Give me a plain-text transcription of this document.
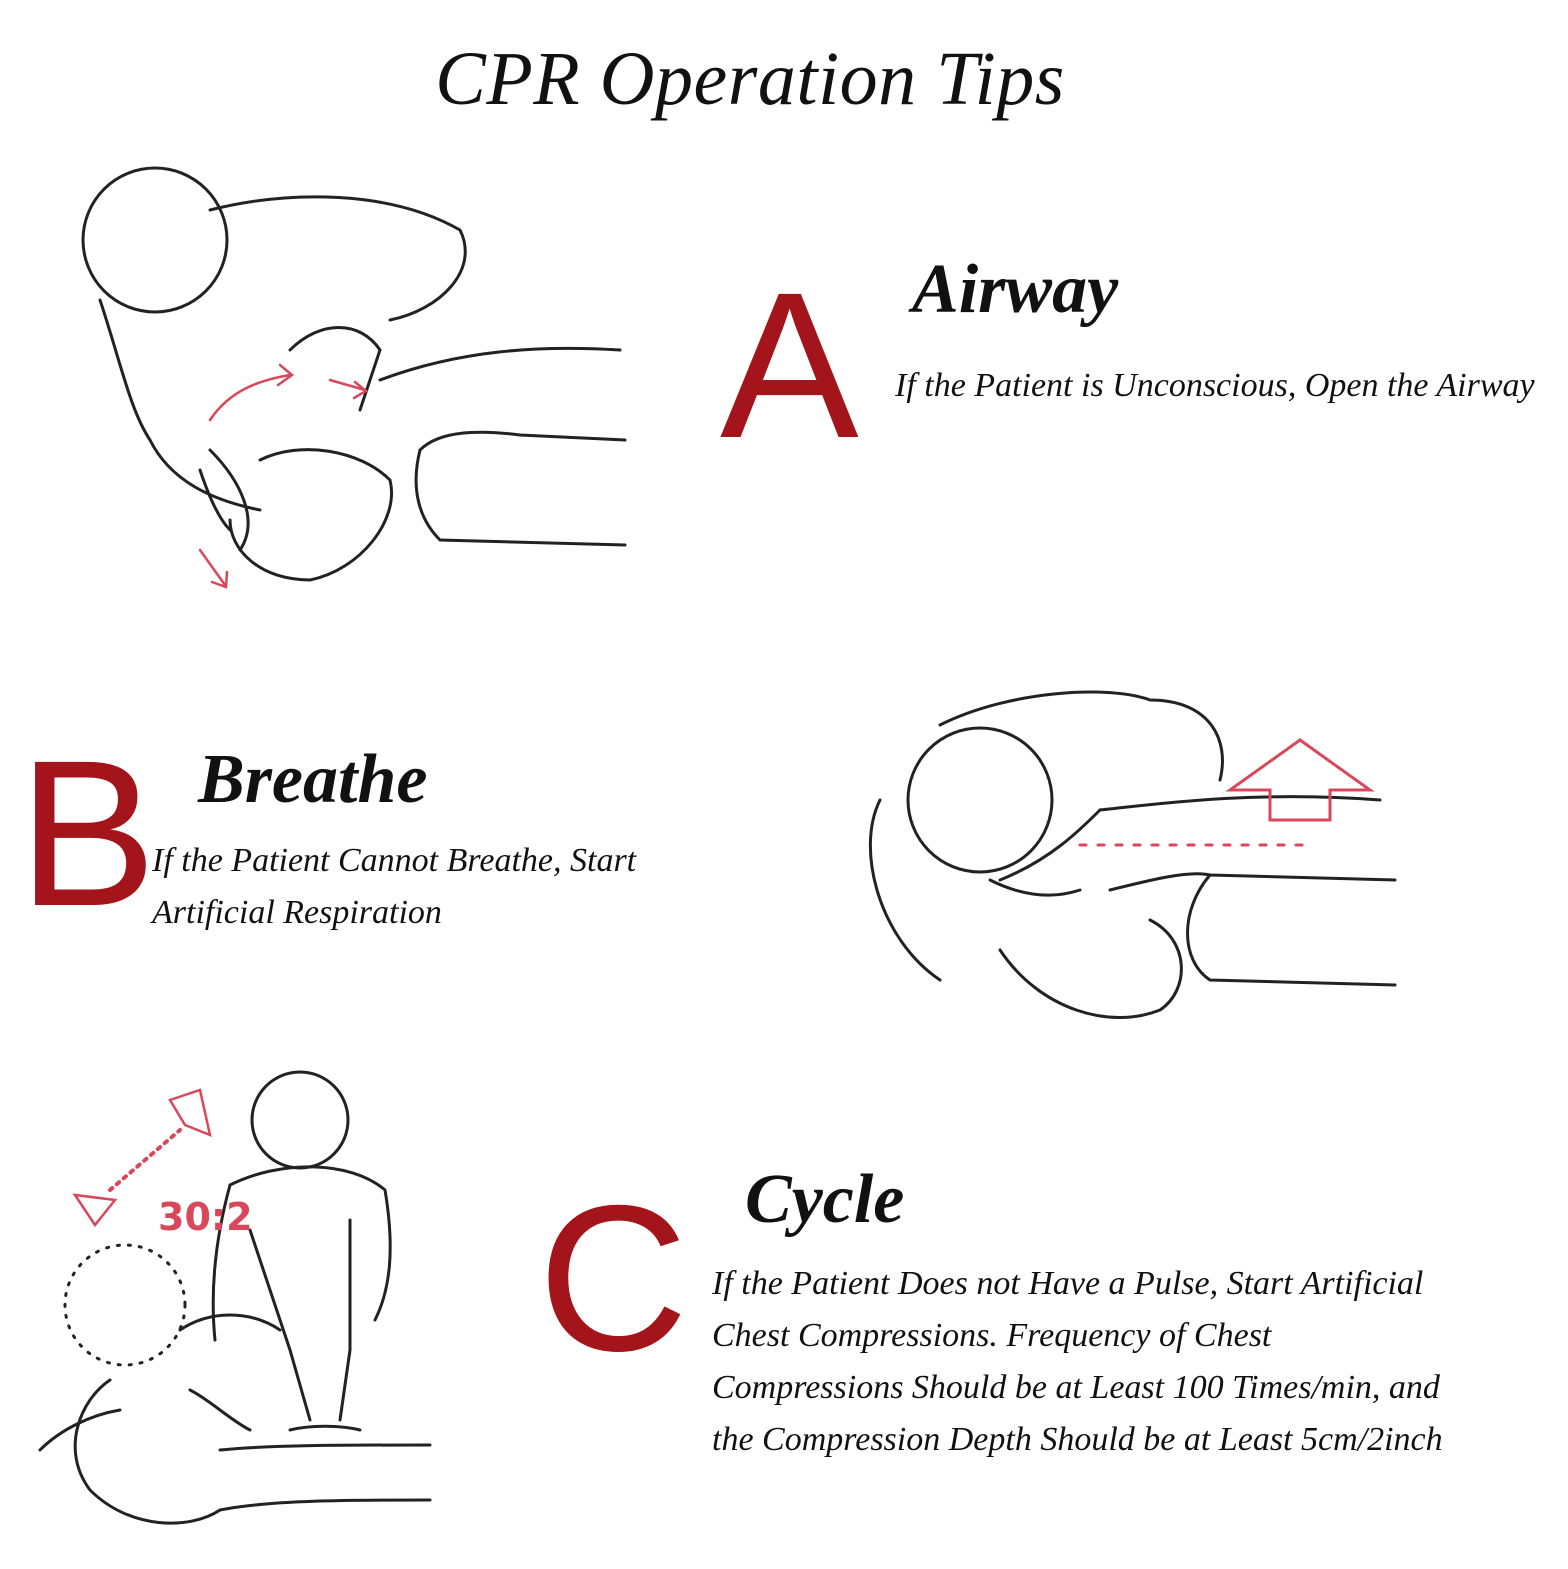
CPR Operation Tips
A Airway
If the Patient is Unconscious, Open the Airway
B Breathe
If the Patient Cannot Breathe, Start Artificial Respiration
30:2 C Cycle
If the Patient Does not Have a Pulse, Start Artificial Chest Compressions. Frequency of Chest Compressions Should be at Least 100 Times/min, and the Compression Depth Should be at Least 5cm/2inch
